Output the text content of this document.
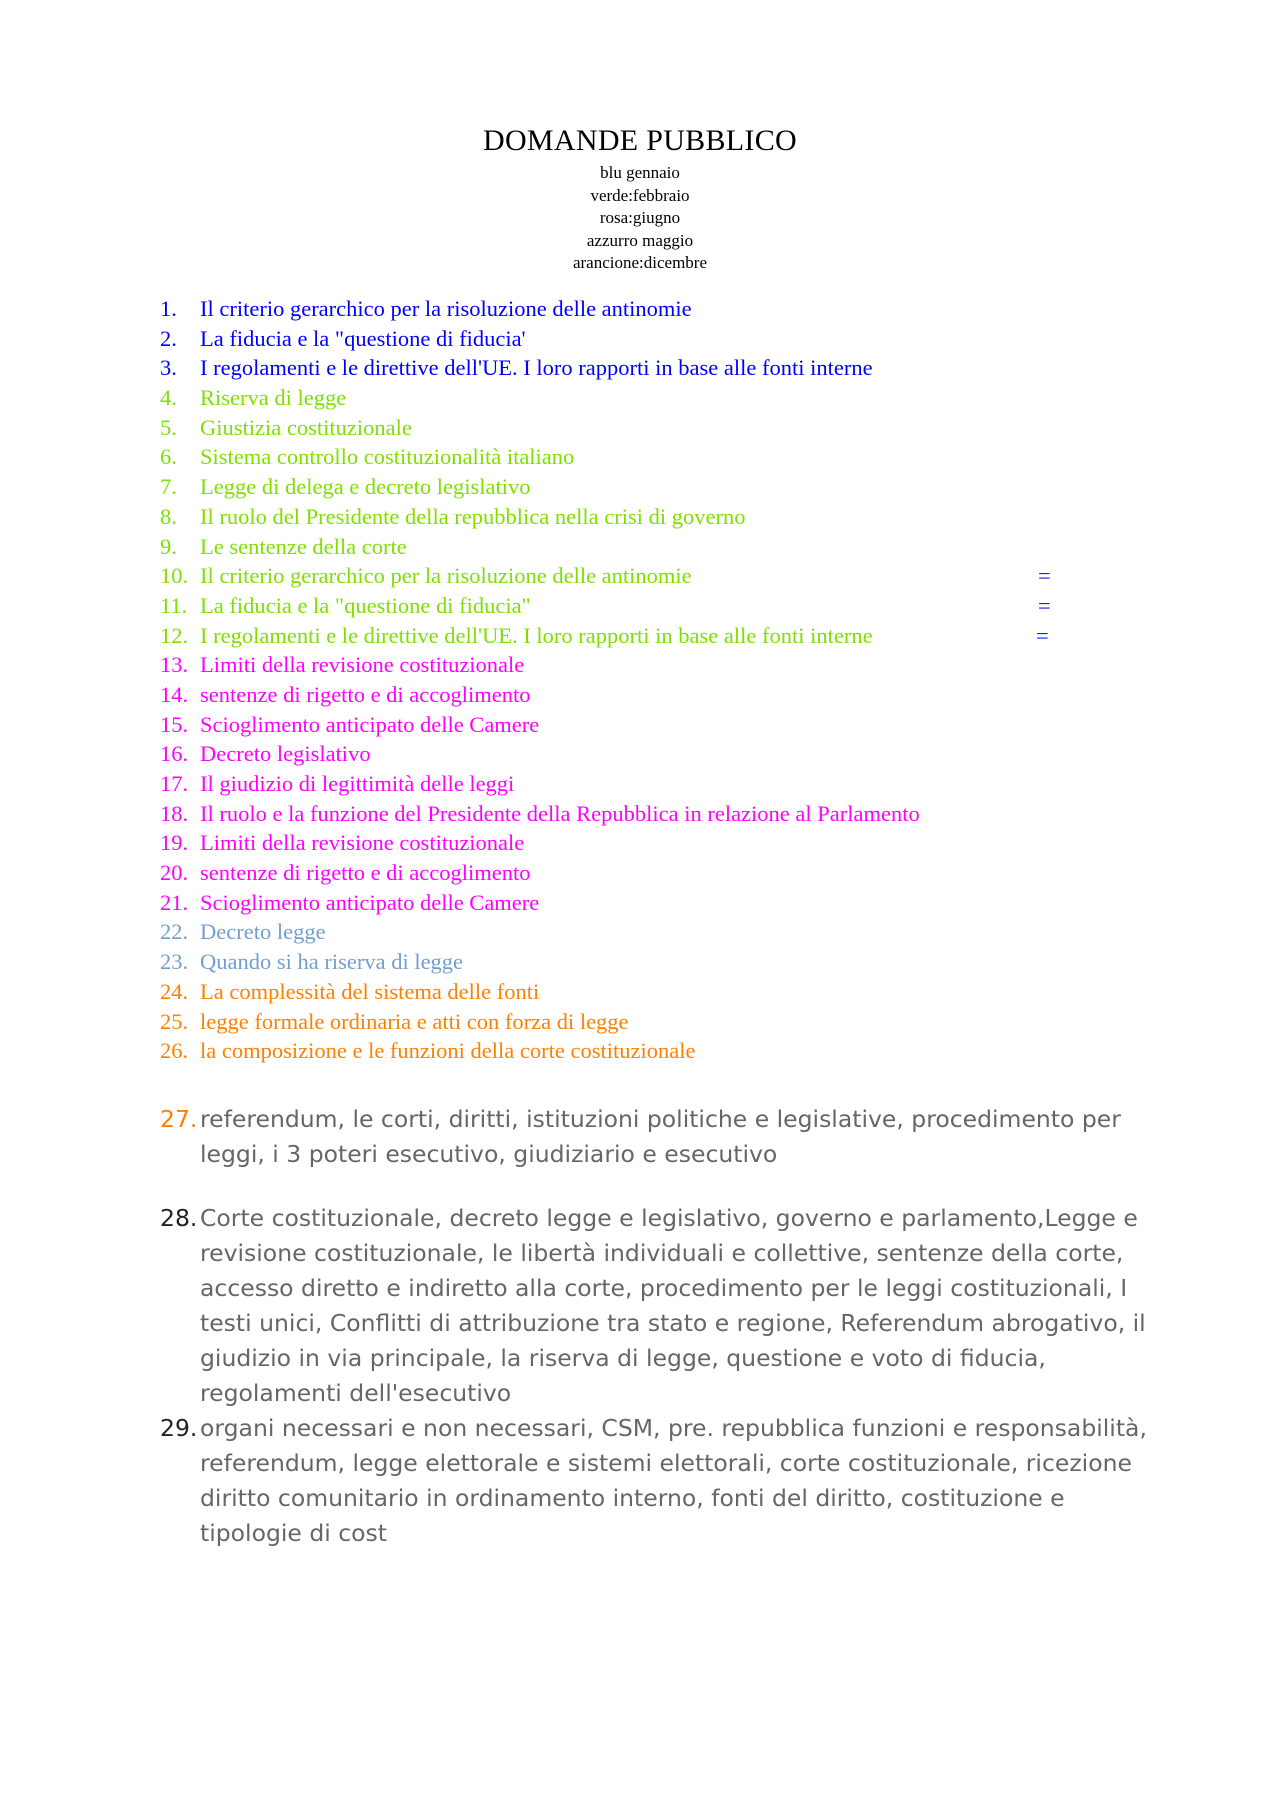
DOMANDE PUBBLICO
blu gennaio
verde:febbraio
rosa:giugno
azzurro maggio
arancione:dicembre
1. Il criterio gerarchico per la risoluzione delle antinomie
2. La fiducia e la "questione di fiducia'
3. I regolamenti e le direttive dell'UE. I loro rapporti in base alle fonti interne
4. Riserva di legge
5. Giustizia costituzionale
6. Sistema controllo costituzionalità italiano
7. Legge di delega e decreto legislativo
8. Il ruolo del Presidente della repubblica nella crisi di governo
9. Le sentenze della corte
10. Il criterio gerarchico per la risoluzione delle antinomie	=
11. La fiducia e la "questione di fiducia"	=
12. I regolamenti e le direttive dell'UE. I loro rapporti in base alle fonti interne	=
13. Limiti della revisione costituzionale
14. sentenze di rigetto e di accoglimento
15. Scioglimento anticipato delle Camere
16. Decreto legislativo
17. Il giudizio di legittimità delle leggi
18. Il ruolo e la funzione del Presidente della Repubblica in relazione al Parlamento
19. Limiti della revisione costituzionale
20. sentenze di rigetto e di accoglimento
21. Scioglimento anticipato delle Camere
22. Decreto legge
23. Quando si ha riserva di legge
24. La complessità del sistema delle fonti
25. legge formale ordinaria e atti con forza di legge
26. la composizione e le funzioni della corte costituzionale
27. referendum, le corti, diritti, istituzioni politiche e legislative, procedimento per leggi, i 3 poteri esecutivo, giudiziario e esecutivo
28. Corte costituzionale, decreto legge e legislativo, governo e parlamento,Legge e revisione costituzionale, le libertà individuali e collettive, sentenze della corte, accesso diretto e indiretto alla corte, procedimento per le leggi costituzionali, I testi unici, Conflitti di attribuzione tra stato e regione, Referendum abrogativo, il giudizio in via principale, la riserva di legge, questione e voto di fiducia, regolamenti dell'esecutivo
29. organi necessari e non necessari, CSM, pre. repubblica funzioni e responsabilità, referendum, legge elettorale e sistemi elettorali, corte costituzionale, ricezione diritto comunitario in ordinamento interno, fonti del diritto, costituzione e tipologie di cost
